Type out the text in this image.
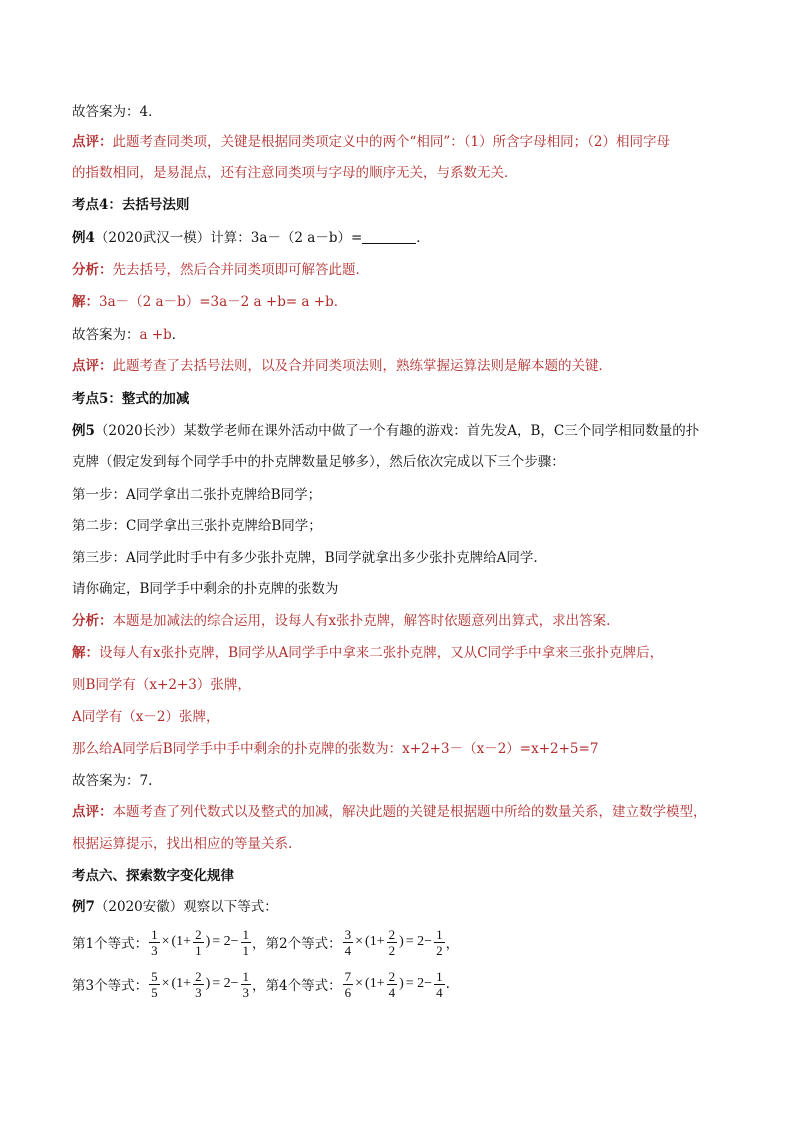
故答案为：4．
点评：此题考查同类项，关键是根据同类项定义中的两个“相同”：（1）所含字母相同；（2）相同字母
的指数相同，是易混点，还有注意同类项与字母的顺序无关，与系数无关．
考点4：去括号法则
例4（2020武汉一模）计算：3a－（2 a－b）=	．
分析：先去括号，然后合并同类项即可解答此题．
解：3a－（2 a－b）=3a－2 a +b= a +b．
故答案为：a +b．
点评：此题考查了去括号法则，以及合并同类项法则，熟练掌握运算法则是解本题的关键．
考点5：整式的加减
例5（2020长沙）某数学老师在课外活动中做了一个有趣的游戏：首先发A，B，C三个同学相同数量的扑
克牌（假定发到每个同学手中的扑克牌数量足够多），然后依次完成以下三个步骤：
第一步：A同学拿出二张扑克牌给B同学；
第二步：C同学拿出三张扑克牌给B同学；
第三步：A同学此时手中有多少张扑克牌，B同学就拿出多少张扑克牌给A同学.
请你确定，B同学手中剩余的扑克牌的张数为
分析：本题是加减法的综合运用，设每人有x张扑克牌，解答时依题意列出算式，求出答案.
解：设每人有x张扑克牌，B同学从A同学手中拿来二张扑克牌，又从C同学手中拿来三张扑克牌后，
则B同学有（x+2+3）张牌，
A同学有（x－2）张牌，
那么给A同学后B同学手中手中剩余的扑克牌的张数为：x+2+3－（x－2）=x+2+5=7
故答案为：7.
点评：本题考查了列代数式以及整式的加减，解决此题的关键是根据题中所给的数量关系，建立数学模型，
根据运算提示，找出相应的等量关系.
考点六、探索数字变化规律
例7（2020安徽）观察以下等式：
第1个等式： $\frac{1}{3} \times (1+ \frac{2}{1}$ ) = $2- \frac{1}{1}$ ，第2个等式： $\frac{3}{4} \times (1+ \frac{2}{2}$ ) = $2- \frac{1}{2}$ ，
第3个等式： $\frac{5}{5} \times (1+ \frac{2}{3}$ ) = $2- \frac{1}{3}$ ，第4个等式： $\frac{7}{6} \times (1+ \frac{2}{4}$ ) = $2- \frac{1}{4}$ .
